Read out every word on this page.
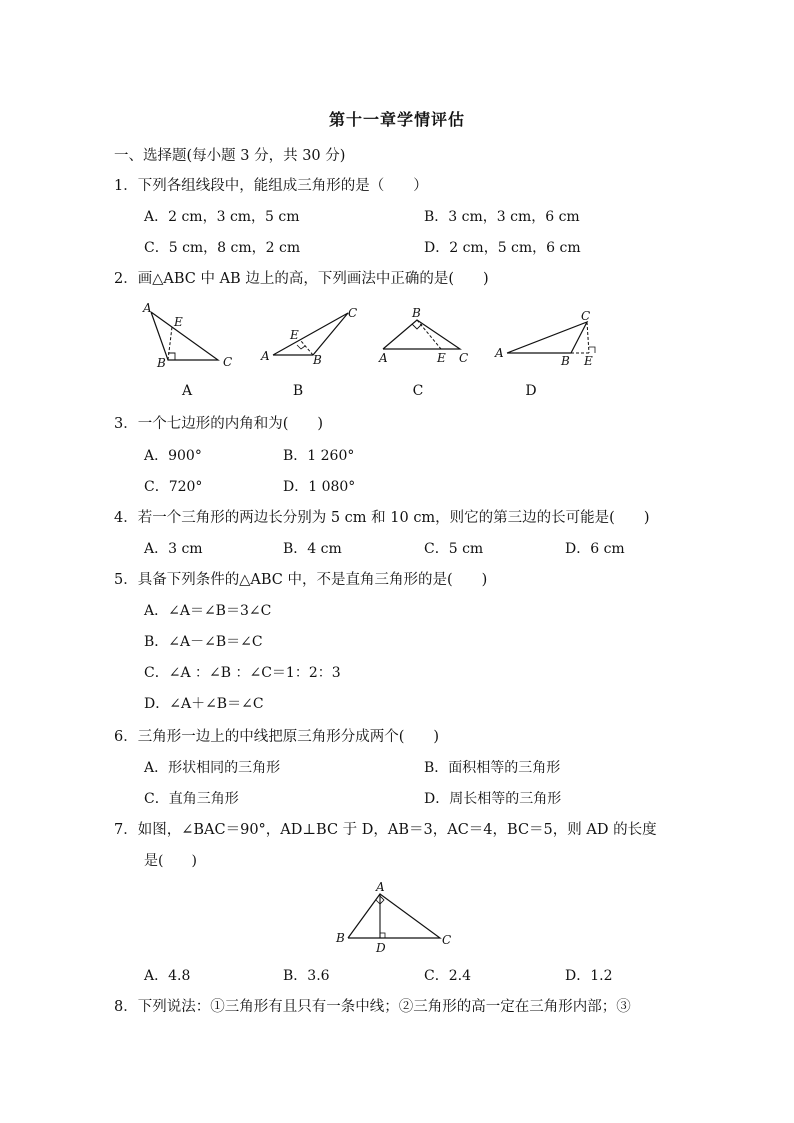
第十一章学情评估
一、选择题(每小题 3 分，共 30 分)
1．下列各组线段中，能组成三角形的是（　　）
A．2 cm，3 cm，5 cm	B．3 cm，3 cm，6 cm
C．5 cm，8 cm，2 cm	D．2 cm，5 cm，6 cm
2．画△ABC 中 AB 边上的高，下列画法中正确的是(　　)
A
E
B	C A
E
B
C	B
A	E C A
C
B E
A	B	C	D
3．一个七边形的内角和为(　　)
A．900°	B．1 260°
C．720°	D．1 080°
4．若一个三角形的两边长分别为 5 cm 和 10 cm，则它的第三边的长可能是(　　)
A．3 cm	B．4 cm	C．5 cm	D．6 cm
5．具备下列条件的△ABC 中，不是直角三角形的是(　　)
A．∠A＝∠B＝3∠C
B．∠A－∠B＝∠C
C．∠A ：∠B ：∠C＝1：2：3
D．∠A＋∠B＝∠C
6．三角形一边上的中线把原三角形分成两个(　　)
A．形状相同的三角形	B．面积相等的三角形
C．直角三角形	D．周长相等的三角形
7．如图，∠BAC＝90°，AD⊥BC 于 D，AB＝3，AC＝4，BC＝5，则 AD 的长度
是(　　)
A
B	C
D
A．4.8	B．3.6	C．2.4	D．1.2
8．下列说法：①三角形有且只有一条中线；②三角形的高一定在三角形内部；③
